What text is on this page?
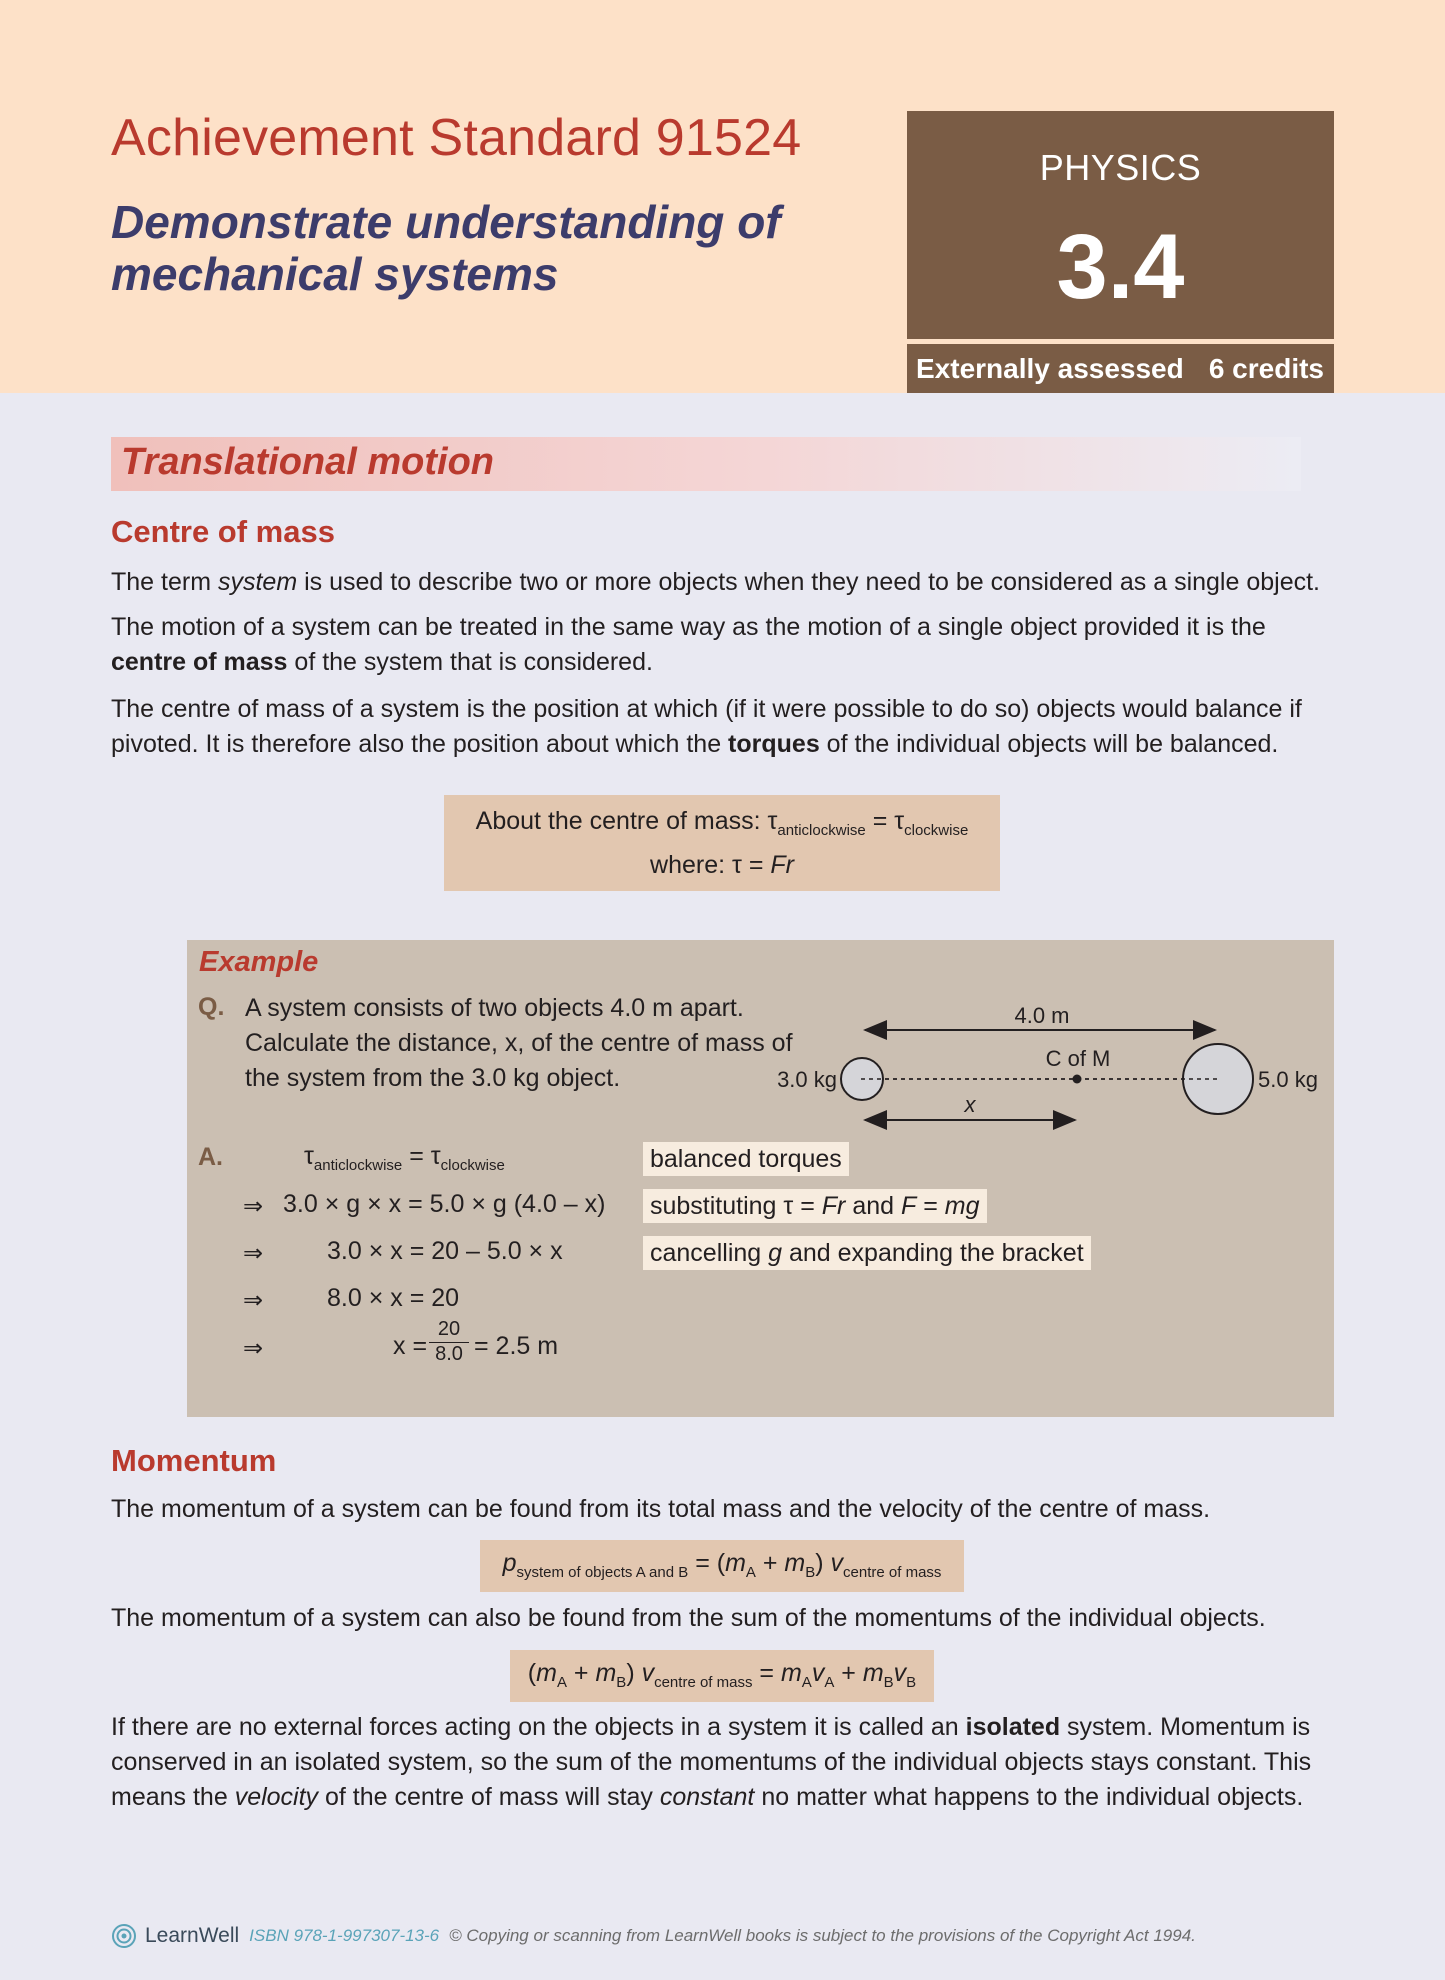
Achievement Standard 91524
Demonstrate understanding of
mechanical systems
PHYSICS
3.4
Externally assessed 6 credits
Translational motion
Centre of mass
The term system is used to describe two or more objects when they need to be considered as a single object.
The motion of a system can be treated in the same way as the motion of a single object provided it is the centre of mass of the system that is considered.
The centre of mass of a system is the position at which (if it were possible to do so) objects would balance if pivoted. It is therefore also the position about which the torques of the individual objects will be balanced.
About the centre of mass: $\tau_{anticlockwise} = \tau_{clockwise}$
where: τ = Fr
Example
Q. A system consists of two objects 4.0 m apart. Calculate the distance, x, of the centre of mass of the system from the 3.0 kg object.
4.0 m
C of M
3.0 kg	5.0 kg
x
A.	$\tau_{anticlockwise} = \tau_{clockwise}$	balanced torques
⇒ 3.0 × g × x = 5.0 × g (4.0 – x) substituting τ = Fr and F = mg
⇒	3.0 × x = 20 – 5.0 × x	cancelling g and expanding the bracket
⇒	8.0 × x = 20
⇒	x =
20
8.0 = 2.5 m
Momentum
The momentum of a system can be found from its total mass and the velocity of the centre of mass.
$p_{system of objects A and B} = (m_A + m_B)$ $v_{centre of mass}$
The momentum of a system can also be found from the sum of the momentums of the individual objects.
$(m_A + m_B) v_{centre of mass} = m_Av_A + m_Bv_B$
If there are no external forces acting on the objects in a system it is called an isolated system. Momentum is conserved in an isolated system, so the sum of the momentums of the individual objects stays constant. This means the velocity of the centre of mass will stay constant no matter what happens to the individual objects.
LearnWell ISBN 978-1-997307-13-6 © Copying or scanning from LearnWell books is subject to the provisions of the Copyright Act 1994.
